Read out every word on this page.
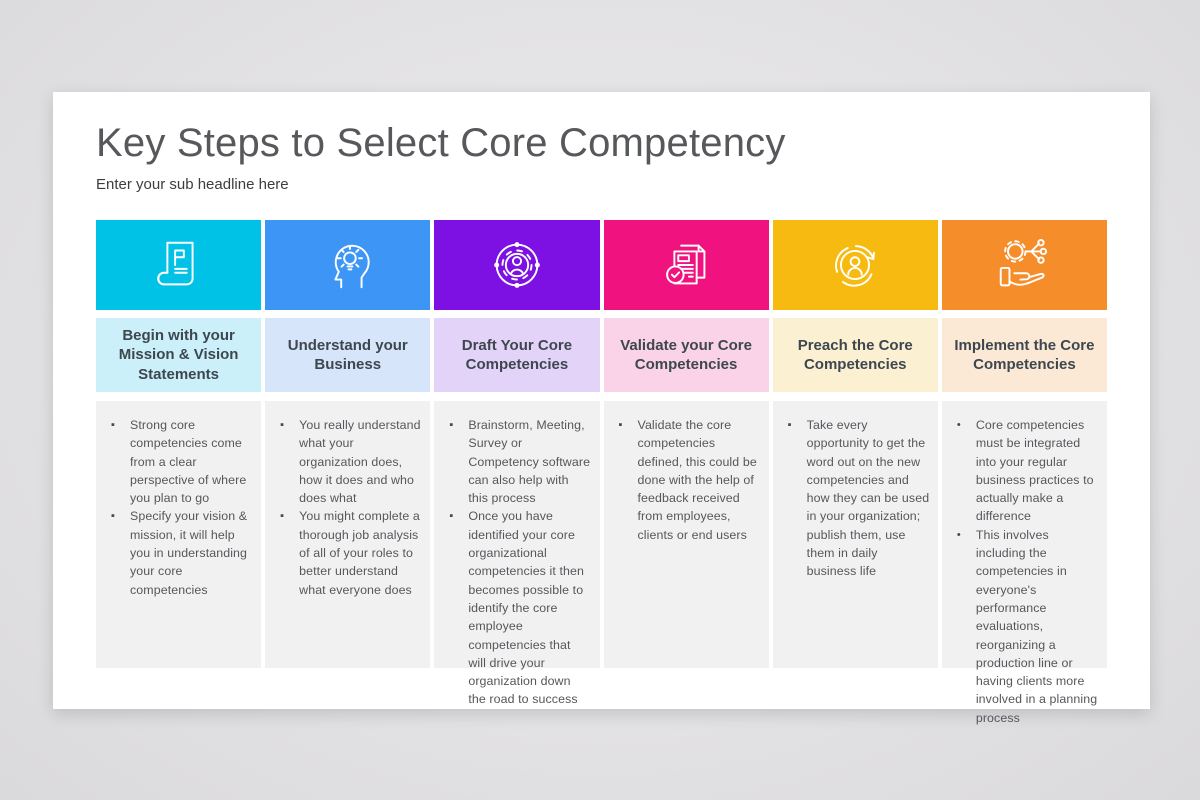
Key Steps to Select Core Competency
Enter your sub headline here
Begin with your Mission & Vision Statements
▪ Strong core competencies come from a clear perspective of where you plan to go
▪ Specify your vision & mission, it will help you in understanding your core competencies
Understand your Business
▪ You really understand what your organization does, how it does and who does what
▪ You might complete a thorough job analysis of all of your roles to better understand what everyone does
Draft Your Core Competencies
▪ Brainstorm, Meeting, Survey or Competency software can also help with this process
▪ Once you have identified your core organizational competencies it then becomes possible to identify the core employee competencies that will drive your organization down the road to success
Validate your Core Competencies
▪ Validate the core competencies defined, this could be done with the help of feedback received from employees, clients or end users
Preach the Core Competencies
▪ Take every opportunity to get the word out on the new competencies and how they can be used in your organization; publish them, use them in daily business life
Implement the Core Competencies
• Core competencies must be integrated into your regular business practices to actually make a difference
• This involves including the competencies in everyone's performance evaluations, reorganizing a production line or having clients more involved in a planning process
